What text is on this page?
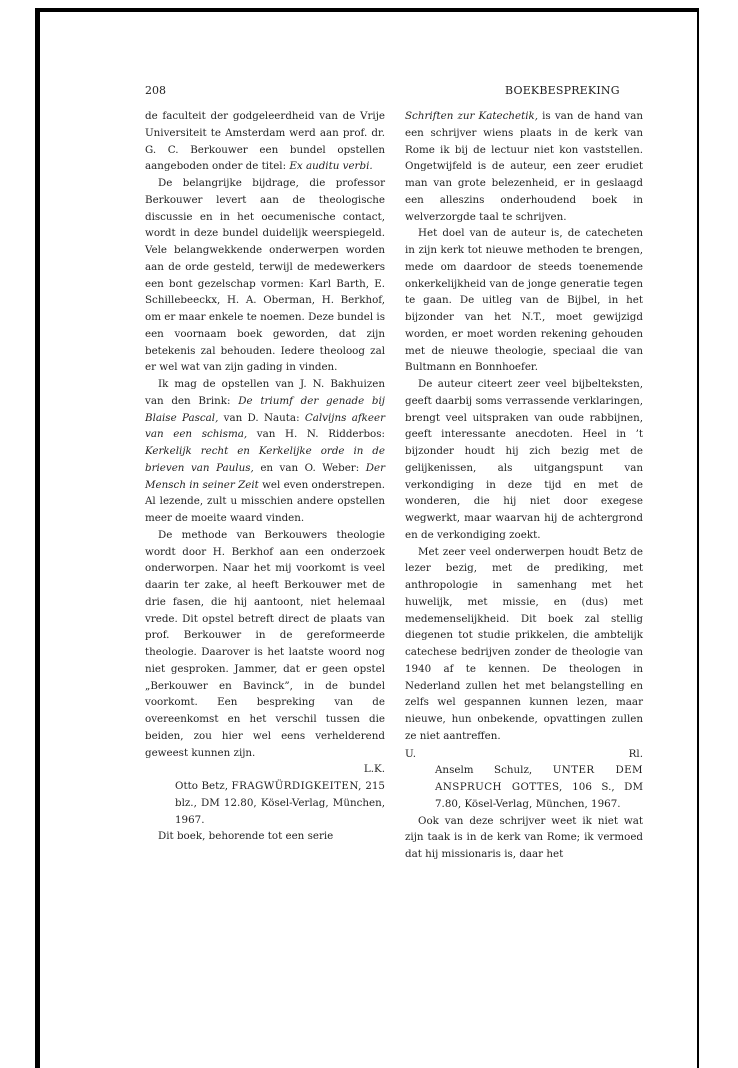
208	BOEKBESPREKING

de faculteit der godgeleerdheid van de Vrije Universiteit te Amsterdam werd aan prof. dr. G. C. Berkouwer een bundel opstellen aangeboden onder de titel: Ex auditu verbi.

De belangrijke bijdrage, die professor Berkouwer levert aan de theologische discussie en in het oecumenische contact, wordt in deze bundel duidelijk weerspiegeld. Vele belangwekkende onderwerpen worden aan de orde gesteld, terwijl de medewerkers een bont gezelschap vormen: Karl Barth, E. Schillebeeckx, H. A. Oberman, H. Berkhof, om er maar enkele te noemen. Deze bundel is een voornaam boek geworden, dat zijn betekenis zal behouden. Iedere theoloog zal er wel wat van zijn gading in vinden.

Ik mag de opstellen van J. N. Bakhuizen van den Brink: De triumf der genade bij Blaise Pascal, van D. Nauta: Calvijns afkeer van een schisma, van H. N. Ridderbos: Kerkelijk recht en Kerkelijke orde in de brieven van Paulus, en van O. Weber: Der Mensch in seiner Zeit wel even onderstrepen. Al lezende, zult u misschien andere opstellen meer de moeite waard vinden.

De methode van Berkouwers theologie wordt door H. Berkhof aan een onderzoek onderworpen. Naar het mij voorkomt is veel daarin ter zake, al heeft Berkouwer met de drie fasen, die hij aantoont, niet helemaal vrede. Dit opstel betreft direct de plaats van prof. Berkouwer in de gereformeerde theologie. Daarover is het laatste woord nog niet gesproken. Jammer, dat er geen opstel „Berkouwer en Bavinck”, in de bundel voorkomt. Een bespreking van de overeenkomst en het verschil tussen die beiden, zou hier wel eens verhelderend geweest kunnen zijn.

L.K.

Otto Betz, FRAGWÜRDIGKEITEN, 215 blz., DM 12.80, Kösel-Verlag, München, 1967.

Dit boek, behorende tot een serie

Schriften zur Katechetik, is van de hand van een schrijver wiens plaats in de kerk van Rome ik bij de lectuur niet kon vaststellen. Ongetwijfeld is de auteur, een zeer erudiet man van grote belezenheid, er in geslaagd een alleszins onderhoudend boek in welverzorgde taal te schrijven.

Het doel van de auteur is, de catecheten in zijn kerk tot nieuwe methoden te brengen, mede om daardoor de steeds toenemende onkerkelijkheid van de jonge generatie tegen te gaan. De uitleg van de Bijbel, in het bijzonder van het N.T., moet gewijzigd worden, er moet worden rekening gehouden met de nieuwe theologie, speciaal die van Bultmann en Bonnhoefer.

De auteur citeert zeer veel bijbelteksten, geeft daarbij soms verrassende verklaringen, brengt veel uitspraken van oude rabbijnen, geeft interessante anecdoten. Heel in ’t bijzonder houdt hij zich bezig met de gelijkenissen, als uitgangspunt van verkondiging in deze tijd en met de wonderen, die hij niet door exegese wegwerkt, maar waarvan hij de achtergrond en de verkondiging zoekt.

Met zeer veel onderwerpen houdt Betz de lezer bezig, met de prediking, met anthropologie in samenhang met het huwelijk, met missie, en (dus) met medemenselijkheid. Dit boek zal stellig diegenen tot studie prikkelen, die ambtelijk catechese bedrijven zonder de theologie van 1940 af te kennen. De theologen in Nederland zullen het met belangstelling en zelfs wel gespannen kunnen lezen, maar nieuwe, hun onbekende, opvattingen zullen ze niet aantreffen.

U.	Rl.

Anselm Schulz, UNTER DEM ANSPRUCH GOTTES, 106 S., DM 7.80, Kösel-Verlag, München, 1967.

Ook van deze schrijver weet ik niet wat zijn taak is in de kerk van Rome; ik vermoed dat hij missionaris is, daar het
